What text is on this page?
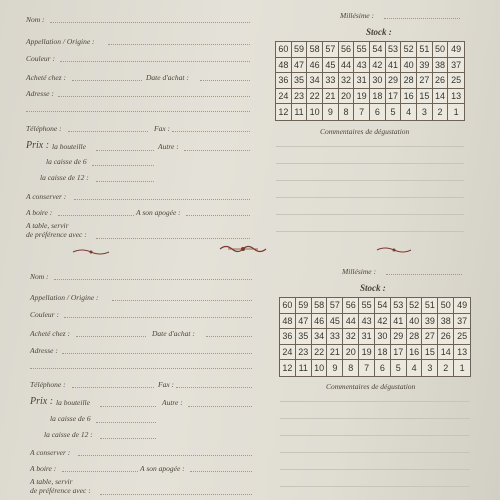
Nom :
Appellation / Origine :
Couleur :
Acheté chez :	Date d'achat :
Adresse :
Téléphone :	Fax :
Prix : la bouteille	Autre :
la caisse de 6
la caisse de 12 :
A conserver :
A boire :	A son apogée :
A table, servir
de préférence avec :
Millésime :
Stock :
60 59 58 57 56 55 54 53 52 51 50 49
48 47 46 45 44 43 42 41 40 39 38 37
36 35 34 33 32 31 30 29 28 27 26 25
24 23 22 21 20 19 18 17 16 15 14 13
12 11 10 9	8	7	6	5	4	3	2	1
Commentaires de dégustation
Nom :
Appellation / Origine :
Couleur :
Acheté chez :	Date d'achat :
Adresse :
Téléphone :	Fax :
Prix : la bouteille	Autre :
la caisse de 6
la caisse de 12 :
A conserver :
A boire :	A son apogée :
A table, servir
de préférence avec :
Millésime :
Stock :
60 59 58 57 56 55 54 53 52 51 50 49
48 47 46 45 44 43 42 41 40 39 38 37
36 35 34 33 32 31 30 29 28 27 26 25
24 23 22 21 20 19 18 17 16 15 14 13
12 11 10 9	8	7	6	5	4	3	2	1
Commentaires de dégustation
